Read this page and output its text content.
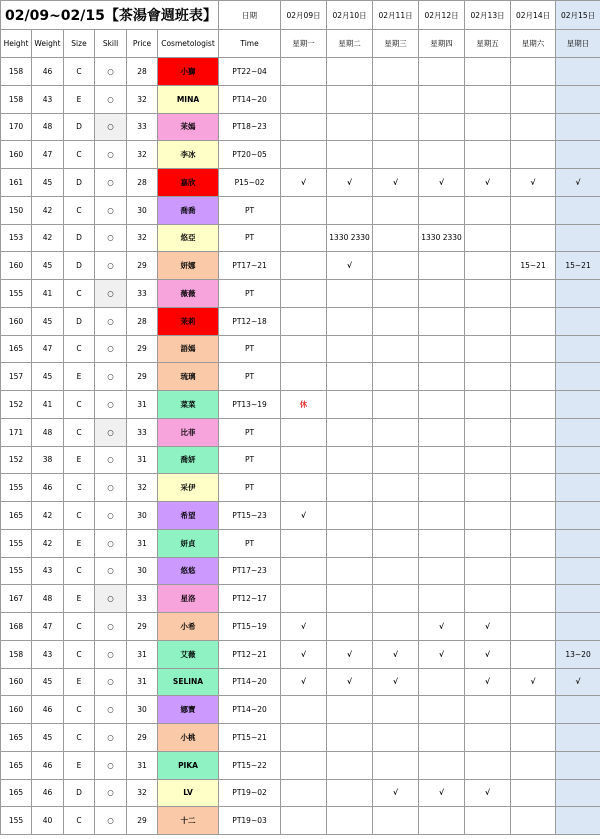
02/09~02/15【茶湯會週班表】						日期	02月09日	02月10日	02月11日	02月12日	02月13日	02月14日	02月15日
Height	Weight	Size	Skill	Price	Cosmetologist	Time	星期一	星期二	星期三	星期四	星期五	星期六	星期日
158	46	C	○	28	小獅	PT22~04							
158	43	E	○	32	MINA	PT14~20							
170	48	D	○	33	茉嫣	PT18~23							
160	47	C	○	32	李冰	PT20~05							
161	45	D	○	28	嘉欣	P15~02	√	√	√	√	√	√	√
150	42	C	○	30	喬喬	PT							
153	42	D	○	32	悠亞	PT		1330 2330		1330 2330			
160	45	D	○	29	妍娜	PT17~21		√				15~21	15~21
155	41	C	○	33	薇薇	PT							
160	45	D	○	28	茉莉	PT12~18							
165	47	C	○	29	語嫣	PT							
157	45	E	○	29	琉璃	PT							
152	41	C	○	31	菜菜	PT13~19	休						
171	48	C	○	33	比菲	PT							
152	38	E	○	31	喬妍	PT							
155	46	C	○	32	采伊	PT							
165	42	C	○	30	希望	PT15~23	√						
155	42	E	○	31	妍貞	PT							
155	43	C	○	30	悠悠	PT17~23							
167	48	E	○	33	星洛	PT12~17							
168	47	C	○	29	小希	PT15~19	√			√	√		
158	43	C	○	31	艾薇	PT12~21	√	√	√	√	√		13~20
160	45	E	○	31	SELINA	PT14~20	√	√	√		√	√	√
160	46	C	○	30	娜寶	PT14~20							
165	45	C	○	29	小桃	PT15~21							
165	46	E	○	31	PIKA	PT15~22							
165	46	D	○	32	LV	PT19~02			√	√	√		
155	40	C	○	29	十二	PT19~03							
